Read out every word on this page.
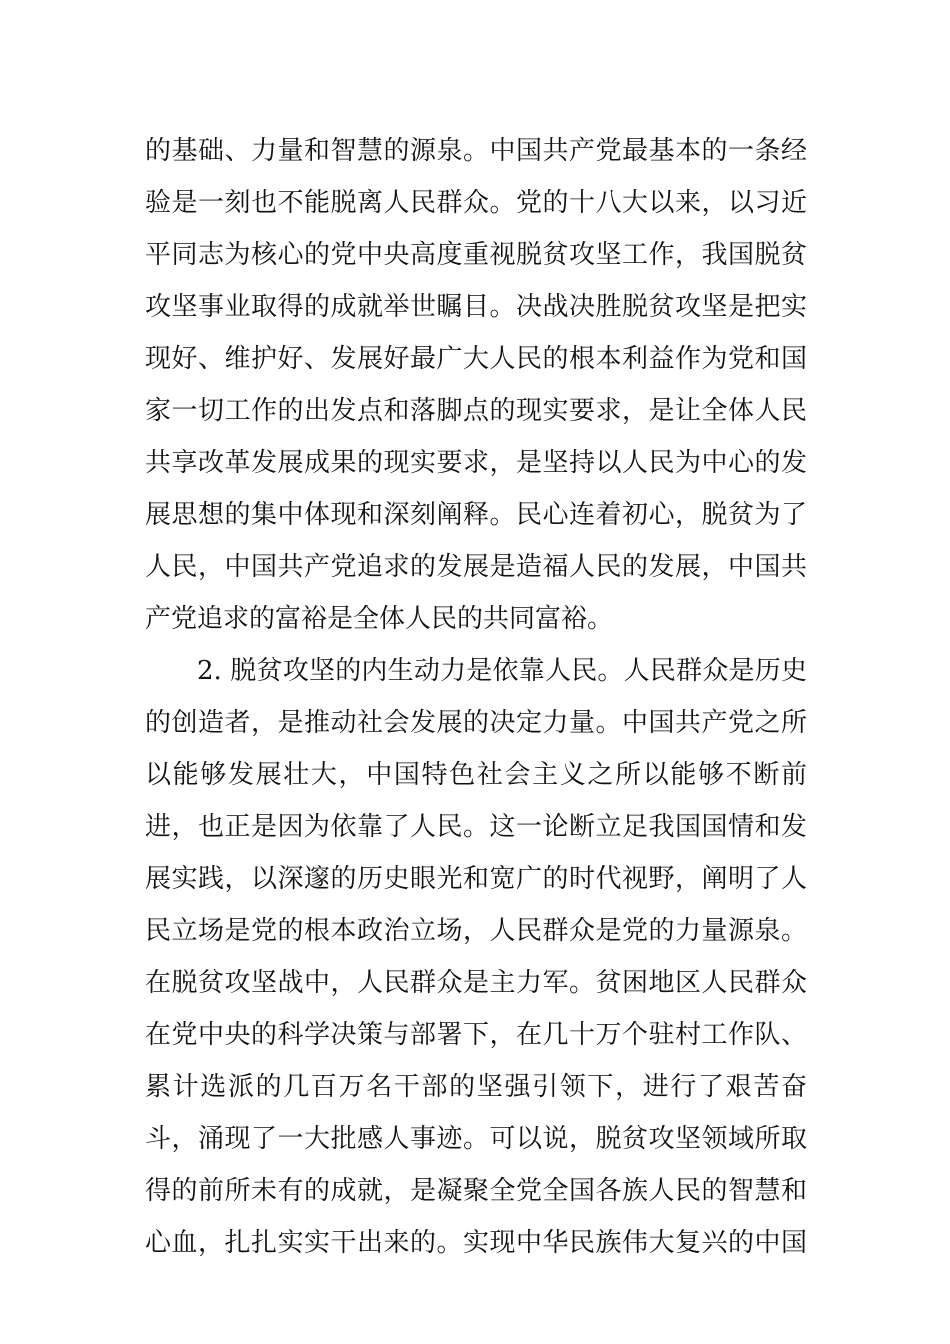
的基础、力量和智慧的源泉。中国共产党最基本的一条经
验是一刻也不能脱离人民群众。党的十八大以来，以习近
平同志为核心的党中央高度重视脱贫攻坚工作，我国脱贫
攻坚事业取得的成就举世瞩目。决战决胜脱贫攻坚是把实
现好、维护好、发展好最广大人民的根本利益作为党和国
家一切工作的出发点和落脚点的现实要求，是让全体人民
共享改革发展成果的现实要求，是坚持以人民为中心的发
展思想的集中体现和深刻阐释。民心连着初心，脱贫为了
人民，中国共产党追求的发展是造福人民的发展，中国共
产党追求的富裕是全体人民的共同富裕。
2. 脱贫攻坚的内生动力是依靠人民。人民群众是历史
的创造者，是推动社会发展的决定力量。中国共产党之所
以能够发展壮大，中国特色社会主义之所以能够不断前
进，也正是因为依靠了人民。这一论断立足我国国情和发
展实践，以深邃的历史眼光和宽广的时代视野，阐明了人
民立场是党的根本政治立场，人民群众是党的力量源泉。
在脱贫攻坚战中，人民群众是主力军。贫困地区人民群众
在党中央的科学决策与部署下，在几十万个驻村工作队、
累计选派的几百万名干部的坚强引领下，进行了艰苦奋
斗，涌现了一大批感人事迹。可以说，脱贫攻坚领域所取
得的前所未有的成就，是凝聚全党全国各族人民的智慧和
心血，扎扎实实干出来的。实现中华民族伟大复兴的中国
